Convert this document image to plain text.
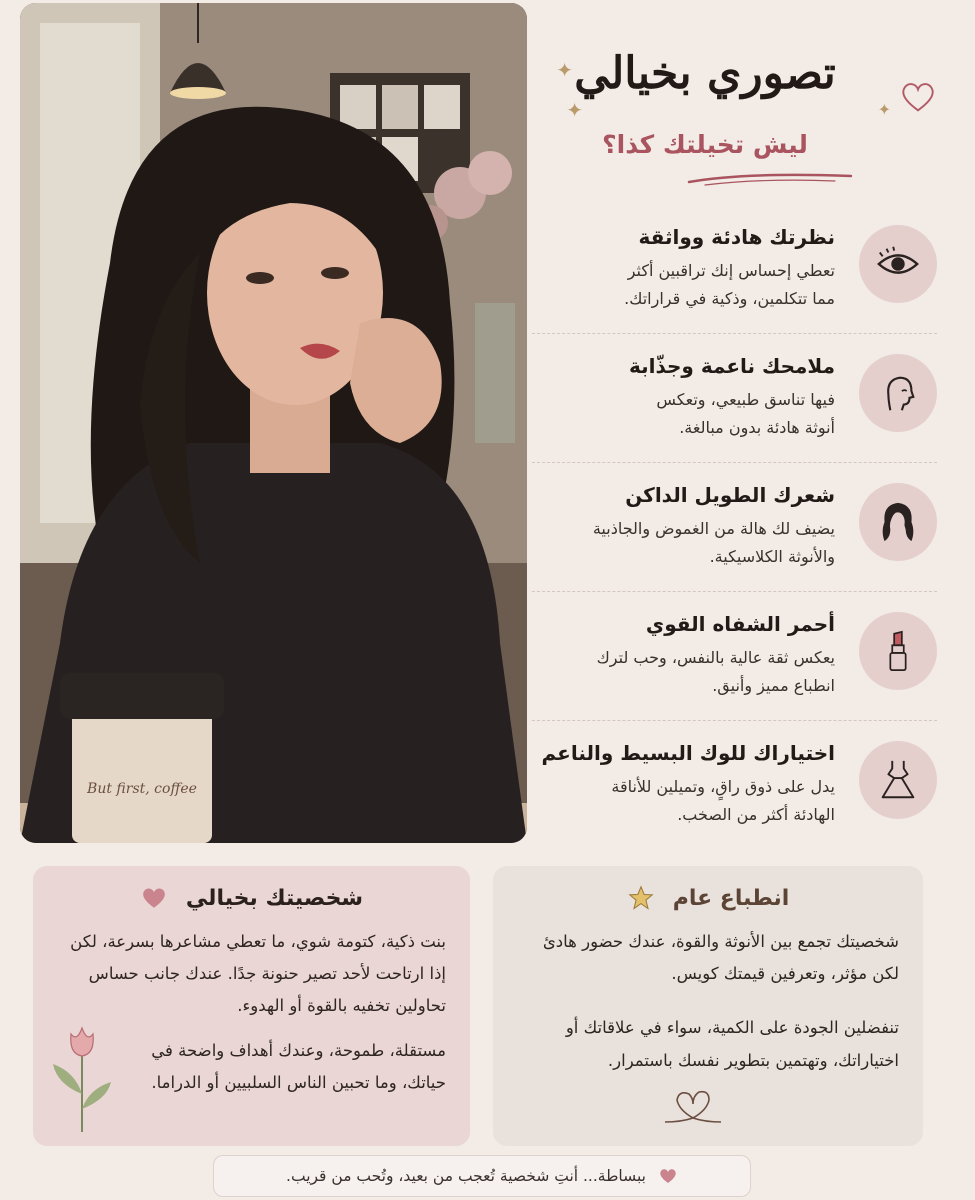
But first, coffee
✦
✦	✦
تصوري بخيالي
ليش تخيلتك كذا؟
نظرتك هادئة وواثقة
تعطي إحساس إنك تراقبين أكثر
مما تتكلمين، وذكية في قراراتك.
ملامحك ناعمة وجذّابة
فيها تناسق طبيعي، وتعكس
أنوثة هادئة بدون مبالغة.
شعرك الطويل الداكن
يضيف لك هالة من الغموض والجاذبية
والأنوثة الكلاسيكية.
أحمر الشفاه القوي
يعكس ثقة عالية بالنفس، وحب لترك
انطباع مميز وأنيق.
اختياراك للوك البسيط والناعم
يدل على ذوق راقٍ، وتميلين للأناقة
الهادئة أكثر من الصخب.
شخصيتك بخيالي

بنت ذكية، كتومة شوي، ما تعطي مشاعرها بسرعة، لكن إذا ارتاحت لأحد تصير حنونة جدًا. عندك جانب حساس تحاولين تخفيه بالقوة أو الهدوء.

مستقلة، طموحة، وعندك أهداف واضحة في حياتك، وما تحبين الناس السلبيين أو الدراما.

انطباع عام

شخصيتك تجمع بين الأنوثة والقوة، عندك حضور هادئ لكن مؤثر، وتعرفين قيمتك كويس.

تنفضلين الجودة على الكمية، سواء في علاقاتك أو اختياراتك، وتهتمين بتطوير نفسك باستمرار.

ببساطة... أنتِ شخصية تُعجب من بعيد، وتُحب من قريب.
